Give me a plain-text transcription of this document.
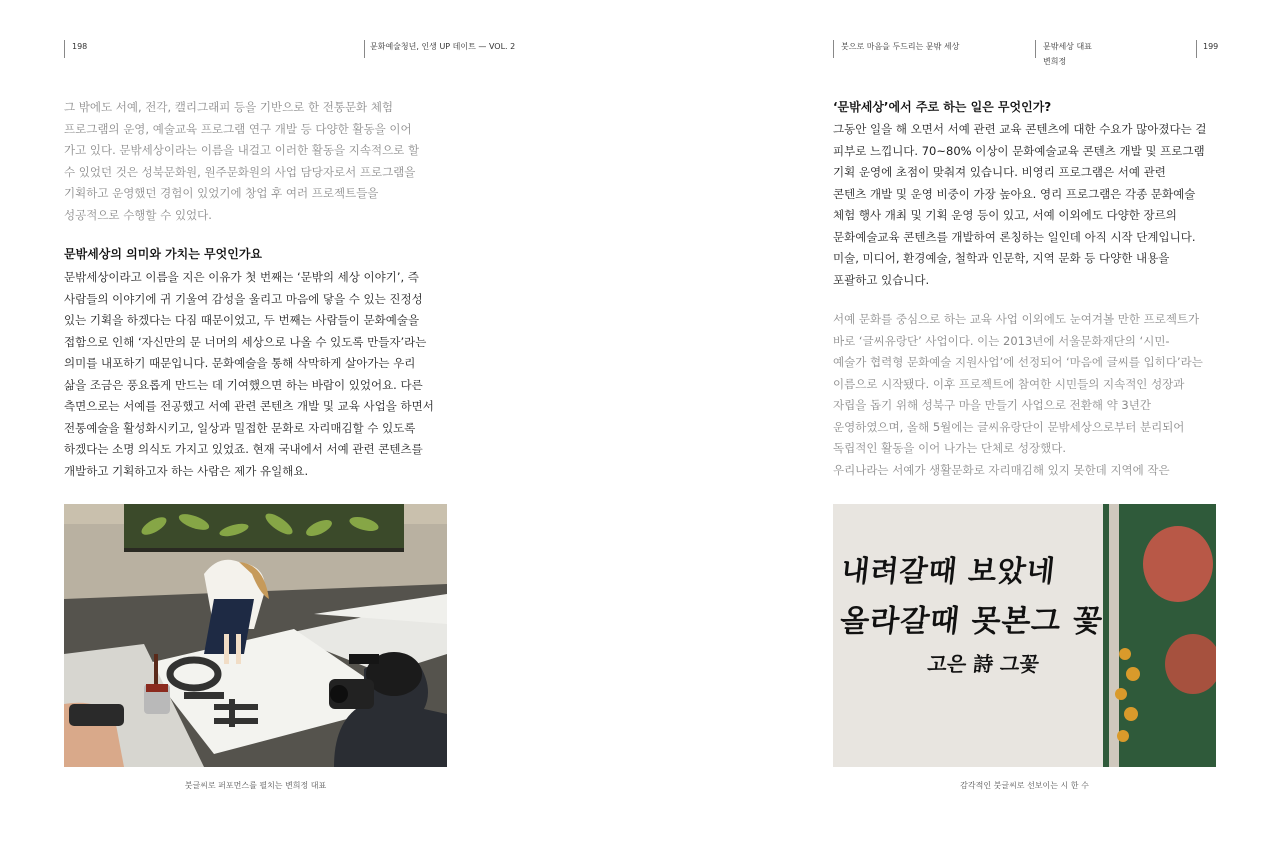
198	문화예술청년, 인생 UP 데이트 — VOL. 2
그 밖에도 서예, 전각, 캘리그래피 등을 기반으로 한 전통문화 체험
프로그램의 운영, 예술교육 프로그램 연구 개발 등 다양한 활동을 이어
가고 있다. 문밖세상이라는 이름을 내걸고 이러한 활동을 지속적으로 할
수 있었던 것은 성북문화원, 원주문화원의 사업 담당자로서 프로그램을
기획하고 운영했던 경험이 있었기에 창업 후 여러 프로젝트들을
성공적으로 수행할 수 있었다.
문밖세상의 의미와 가치는 무엇인가요
문밖세상이라고 이름을 지은 이유가 첫 번째는 ‘문밖의 세상 이야기’, 즉
사람들의 이야기에 귀 기울여 감성을 울리고 마음에 닿을 수 있는 진정성
있는 기획을 하겠다는 다짐 때문이었고, 두 번째는 사람들이 문화예술을
접함으로 인해 ‘자신만의 문 너머의 세상으로 나올 수 있도록 만들자’라는
의미를 내포하기 때문입니다. 문화예술을 통해 삭막하게 살아가는 우리
삶을 조금은 풍요롭게 만드는 데 기여했으면 하는 바람이 있었어요. 다른
측면으로는 서예를 전공했고 서예 관련 콘텐츠 개발 및 교육 사업을 하면서
전통예술을 활성화시키고, 일상과 밀접한 문화로 자리매김할 수 있도록
하겠다는 소명 의식도 가지고 있었죠. 현재 국내에서 서예 관련 콘텐츠를
개발하고 기획하고자 하는 사람은 제가 유일해요.
붓글씨로 퍼포먼스를 펼치는 변희정 대표
붓으로 마음을 두드리는 문밖 세상	문밖세상 대표
변희정
199
‘문밖세상’에서 주로 하는 일은 무엇인가?
그동안 일을 해 오면서 서예 관련 교육 콘텐츠에 대한 수요가 많아졌다는 걸
피부로 느낍니다. 70~80% 이상이 문화예술교육 콘텐츠 개발 및 프로그램
기획 운영에 초점이 맞춰져 있습니다. 비영리 프로그램은 서예 관련
콘텐츠 개발 및 운영 비중이 가장 높아요. 영리 프로그램은 각종 문화예술
체험 행사 개최 및 기획 운영 등이 있고, 서예 이외에도 다양한 장르의
문화예술교육 콘텐츠를 개발하여 론칭하는 일인데 아직 시작 단계입니다.
미술, 미디어, 환경예술, 철학과 인문학, 지역 문화 등 다양한 내용을
포괄하고 있습니다.
서예 문화를 중심으로 하는 교육 사업 이외에도 눈여겨볼 만한 프로젝트가
바로 ‘글씨유랑단’ 사업이다. 이는 2013년에 서울문화재단의 ‘시민-
예술가 협력형 문화예술 지원사업’에 선정되어 ‘마음에 글씨를 입히다’라는
이름으로 시작됐다. 이후 프로젝트에 참여한 시민들의 지속적인 성장과
자립을 돕기 위해 성북구 마을 만들기 사업으로 전환해 약 3년간
운영하였으며, 올해 5월에는 글씨유랑단이 문밖세상으로부터 분리되어
독립적인 활동을 이어 나가는 단체로 성장했다.
우리나라는 서예가 생활문화로 자리매김해 있지 못한데 지역에 작은
내려갈때 보았네
올라갈때 못본그 꽃
고은 詩 그꽃
감각적인 붓글씨로 선보이는 시 한 수
